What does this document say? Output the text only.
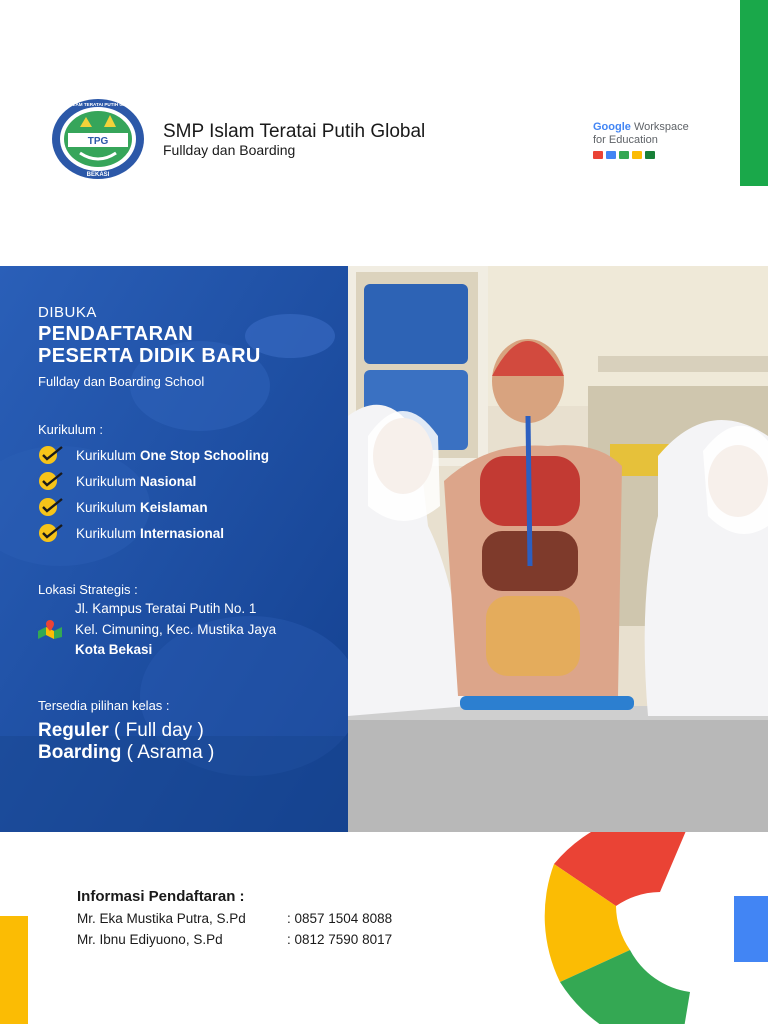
TPG
BEKASI
SMP ISLAM TERATAI PUTIH GLOBAL
SMP Islam Teratai Putih Global
Fullday dan Boarding
Google Workspace
for Education
DIBUKA
PENDAFTARAN
PESERTA DIDIK BARU
Fullday dan Boarding School
Kurikulum :
Kurikulum One Stop Schooling
Kurikulum Nasional
Kurikulum Keislaman
Kurikulum Internasional
Lokasi Strategis :
Jl. Kampus Teratai Putih No. 1
Kel. Cimuning, Kec. Mustika Jaya
Kota Bekasi
Tersedia pilihan kelas :
Reguler ( Full day )
Boarding ( Asrama )
Informasi Pendaftaran :
Mr. Eka Mustika Putra, S.Pd	: 0857 1504 8088
Mr. Ibnu Ediyuono, S.Pd	: 0812 7590 8017
